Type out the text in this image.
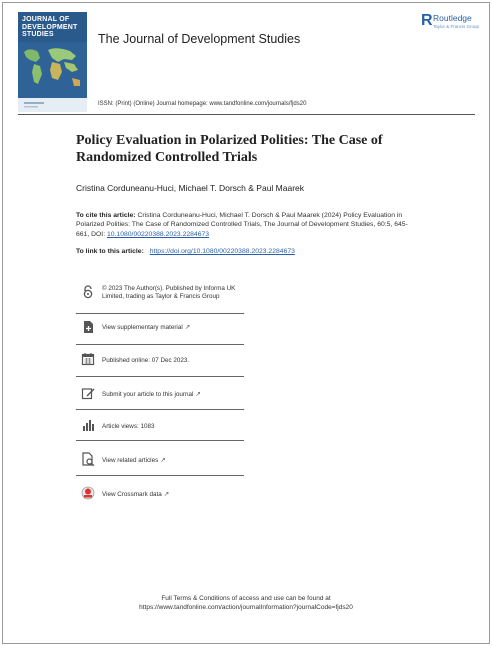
JOURNAL OF DEVELOPMENT STUDIES	The Journal of Development Studies
R Routledge
Taylor & Francis Group
ISSN: (Print) (Online) Journal homepage: www.tandfonline.com/journals/fjds20
Policy Evaluation in Polarized Polities: The Case of Randomized Controlled Trials
Cristina Corduneanu-Huci, Michael T. Dorsch & Paul Maarek
To cite this article: Cristina Corduneanu-Huci, Michael T. Dorsch & Paul Maarek (2024) Policy Evaluation in Polarized Polities: The Case of Randomized Controlled Trials, The Journal of Development Studies, 60:5, 645-661, DOI: 10.1080/00220388.2023.2284673
To link to this article: https://doi.org/10.1080/00220388.2023.2284673
© 2023 The Author(s). Published by Informa UK Limited, trading as Taylor & Francis Group
View supplementary material ↗
Published online: 07 Dec 2023.
Submit your article to this journal ↗
Article views: 1083
View related articles ↗
View Crossmark data ↗
Full Terms & Conditions of access and use can be found at
https://www.tandfonline.com/action/journalInformation?journalCode=fjds20
